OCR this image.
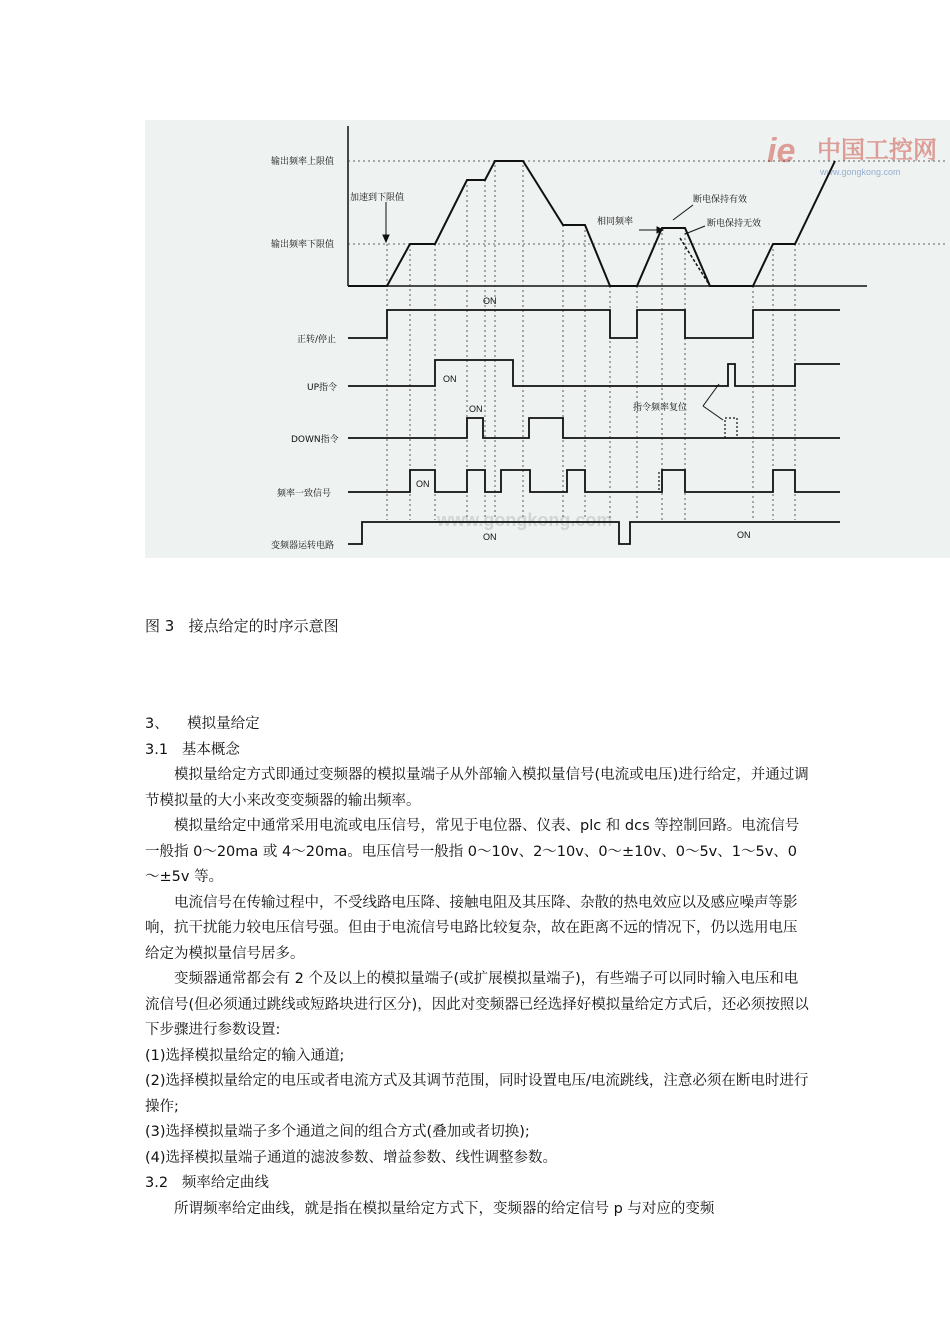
ie 中国工控网
www.gongkong.com
www.gongkong.com
输出频率上限值
加速到下限值
输出频率下限值
相同频率
断电保持有效
断电保持无效
指令频率复位
正转/停止
UP指令
DOWN指令
频率一致信号
变频器运转电路
ON
ON
ON
ON
ON	ON
图 3   接点给定的时序示意图

3、    模拟量给定

3.1   基本概念

模拟量给定方式即通过变频器的模拟量端子从外部输入模拟量信号(电流或电压)进行给定，并通过调节模拟量的大小来改变变频器的输出频率。

模拟量给定中通常采用电流或电压信号，常见于电位器、仪表、plc 和 dcs 等控制回路。电流信号一般指 0～20ma 或 4～20ma。电压信号一般指 0～10v、2～10v、0～±10v、0～5v、1～5v、0～±5v 等。

电流信号在传输过程中，不受线路电压降、接触电阻及其压降、杂散的热电效应以及感应噪声等影响，抗干扰能力较电压信号强。但由于电流信号电路比较复杂，故在距离不远的情况下，仍以选用电压给定为模拟量信号居多。

变频器通常都会有 2 个及以上的模拟量端子(或扩展模拟量端子)，有些端子可以同时输入电压和电流信号(但必须通过跳线或短路块进行区分)，因此对变频器已经选择好模拟量给定方式后，还必须按照以下步骤进行参数设置:

(1)选择模拟量给定的输入通道;

(2)选择模拟量给定的电压或者电流方式及其调节范围，同时设置电压/电流跳线，注意必须在断电时进行操作;

(3)选择模拟量端子多个通道之间的组合方式(叠加或者切换);

(4)选择模拟量端子通道的滤波参数、增益参数、线性调整参数。

3.2   频率给定曲线

所谓频率给定曲线，就是指在模拟量给定方式下，变频器的给定信号 p 与对应的变频
